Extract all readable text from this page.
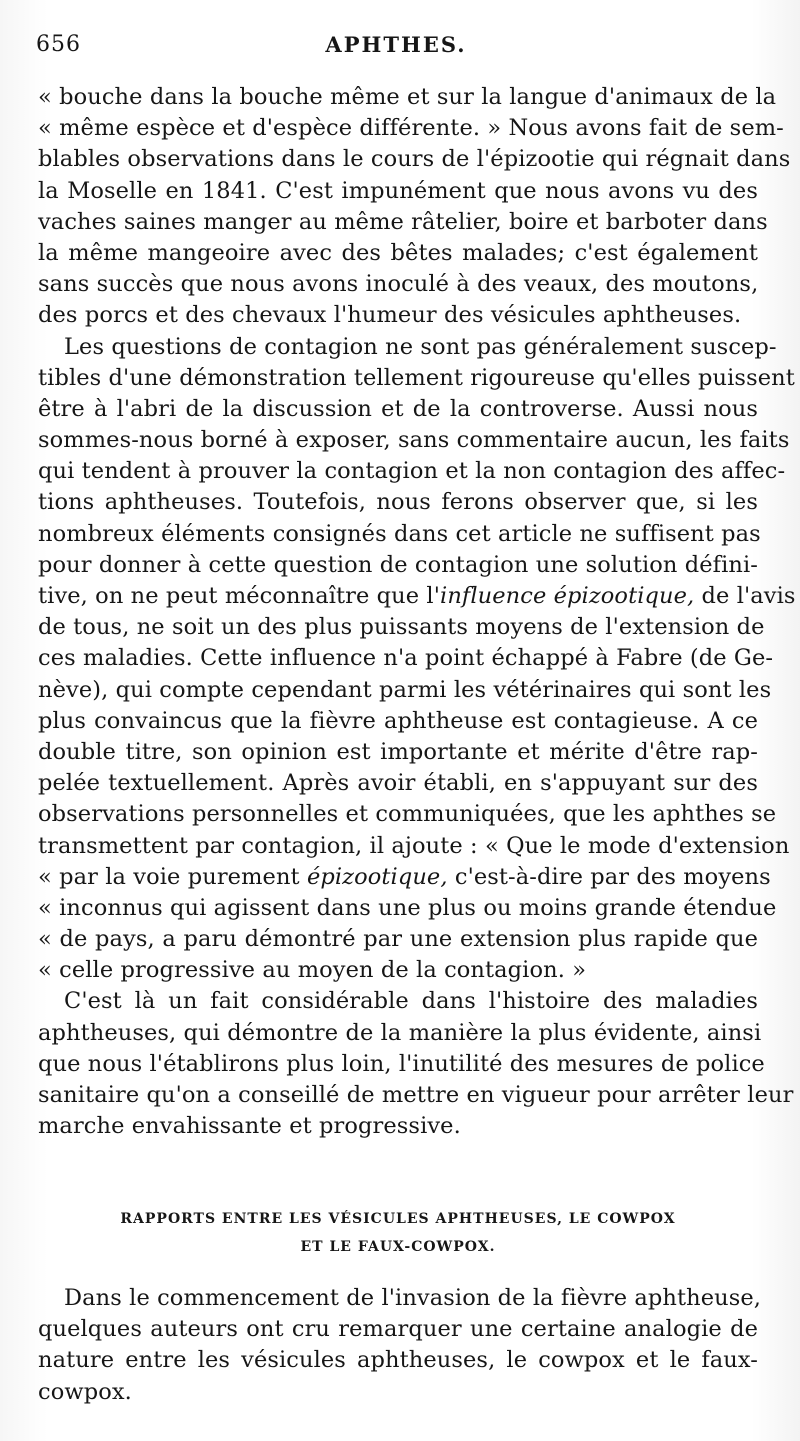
656	APHTHES.
« bouche dans la bouche même et sur la langue d'animaux de la
« même espèce et d'espèce différente. » Nous avons fait de sem-
blables observations dans le cours de l'épizootie qui régnait dans
la Moselle en 1841. C'est impunément que nous avons vu des
vaches saines manger au même râtelier, boire et barboter dans
la même mangeoire avec des bêtes malades; c'est également
sans succès que nous avons inoculé à des veaux, des moutons,
des porcs et des chevaux l'humeur des vésicules aphtheuses.
Les questions de contagion ne sont pas généralement suscep-
tibles d'une démonstration tellement rigoureuse qu'elles puissent
être à l'abri de la discussion et de la controverse. Aussi nous
sommes-nous borné à exposer, sans commentaire aucun, les faits
qui tendent à prouver la contagion et la non contagion des affec-
tions aphtheuses. Toutefois, nous ferons observer que, si les
nombreux éléments consignés dans cet article ne suffisent pas
pour donner à cette question de contagion une solution défini-
tive, on ne peut méconnaître que l'influence épizootique, de l'avis
de tous, ne soit un des plus puissants moyens de l'extension de
ces maladies. Cette influence n'a point échappé à Fabre (de Ge-
nève), qui compte cependant parmi les vétérinaires qui sont les
plus convaincus que la fièvre aphtheuse est contagieuse. A ce
double titre, son opinion est importante et mérite d'être rap-
pelée textuellement. Après avoir établi, en s'appuyant sur des
observations personnelles et communiquées, que les aphthes se
transmettent par contagion, il ajoute : « Que le mode d'extension
« par la voie purement épizootique, c'est-à-dire par des moyens
« inconnus qui agissent dans une plus ou moins grande étendue
« de pays, a paru démontré par une extension plus rapide que
« celle progressive au moyen de la contagion. »
C'est là un fait considérable dans l'histoire des maladies
aphtheuses, qui démontre de la manière la plus évidente, ainsi
que nous l'établirons plus loin, l'inutilité des mesures de police
sanitaire qu'on a conseillé de mettre en vigueur pour arrêter leur
marche envahissante et progressive.
RAPPORTS ENTRE LES VÉSICULES APHTHEUSES, LE COWPOX
ET LE FAUX-COWPOX.
Dans le commencement de l'invasion de la fièvre aphtheuse,
quelques auteurs ont cru remarquer une certaine analogie de
nature entre les vésicules aphtheuses, le cowpox et le faux-
cowpox.
